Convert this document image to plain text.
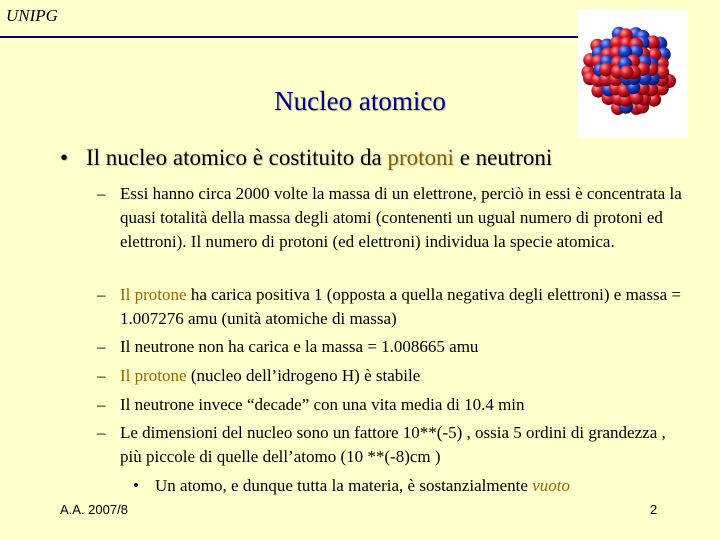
UNIPG
Nucleo atomico
• Il nucleo atomico è costituito da protoni e neutroni
– Essi hanno circa 2000 volte la massa di un elettrone, perciò in essi è concentrata la quasi totalità della massa degli atomi (contenenti un ugual numero di protoni ed elettroni). Il numero di protoni (ed elettroni) individua la specie atomica.
– Il protone ha carica positiva 1 (opposta a quella negativa degli elettroni) e massa = 1.007276 amu (unità atomiche di massa)
– Il neutrone non ha carica e la massa = 1.008665 amu
– Il protone (nucleo dell’idrogeno H) è stabile
– Il neutrone invece “decade” con una vita media di 10.4 min
– Le dimensioni del nucleo sono un fattore 10**(-5) , ossia 5 ordini di grandezza , più piccole di quelle dell’atomo (10 **(-8)cm )
• Un atomo, e dunque tutta la materia, è sostanzialmente vuoto
A.A. 2007/8	2
